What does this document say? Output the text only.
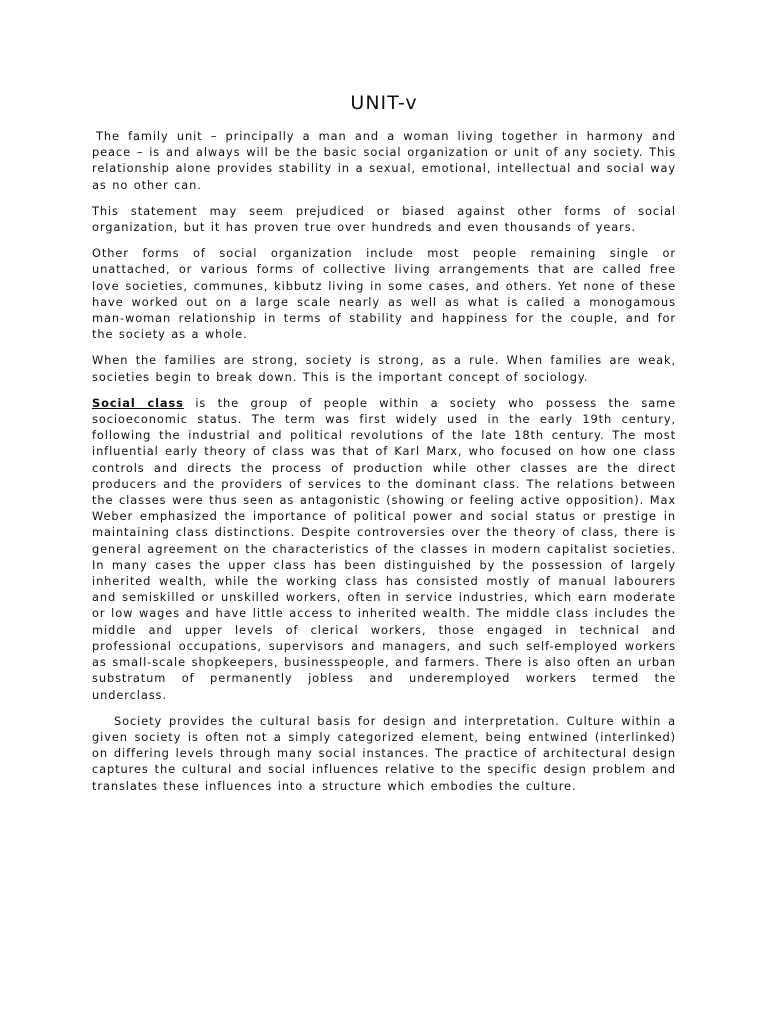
UNIT-v

The family unit – principally a man and a woman living together in harmony and peace – is and always will be the basic social organization or unit of any society. This relationship alone provides stability in a sexual, emotional, intellectual and social way as no other can.

This statement may seem prejudiced or biased against other forms of social organization, but it has proven true over hundreds and even thousands of years.

Other forms of social organization include most people remaining single or unattached, or various forms of collective living arrangements that are called free love societies, communes, kibbutz living in some cases, and others. Yet none of these have worked out on a large scale nearly as well as what is called a monogamous man-woman relationship in terms of stability and happiness for the couple, and for the society as a whole.

When the families are strong, society is strong, as a rule. When families are weak, societies begin to break down. This is the important concept of sociology.

Social class is the group of people within a society who possess the same socioeconomic status. The term was first widely used in the early 19th century, following the industrial and political revolutions of the late 18th century. The most influential early theory of class was that of Karl Marx, who focused on how one class controls and directs the process of production while other classes are the direct producers and the providers of services to the dominant class. The relations between the classes were thus seen as antagonistic (showing or feeling active opposition). Max Weber emphasized the importance of political power and social status or prestige in maintaining class distinctions. Despite controversies over the theory of class, there is general agreement on the characteristics of the classes in modern capitalist societies. In many cases the upper class has been distinguished by the possession of largely inherited wealth, while the working class has consisted mostly of manual labourers and semiskilled or unskilled workers, often in service industries, which earn moderate or low wages and have little access to inherited wealth. The middle class includes the middle and upper levels of clerical workers, those engaged in technical and professional occupations, supervisors and managers, and such self-employed workers as small-scale shopkeepers, businesspeople, and farmers. There is also often an urban substratum of permanently jobless and underemployed workers termed the underclass.

Society provides the cultural basis for design and interpretation. Culture within a given society is often not a simply categorized element, being entwined (interlinked) on differing levels through many social instances. The practice of architectural design captures the cultural and social influences relative to the specific design problem and translates these influences into a structure which embodies the culture.
